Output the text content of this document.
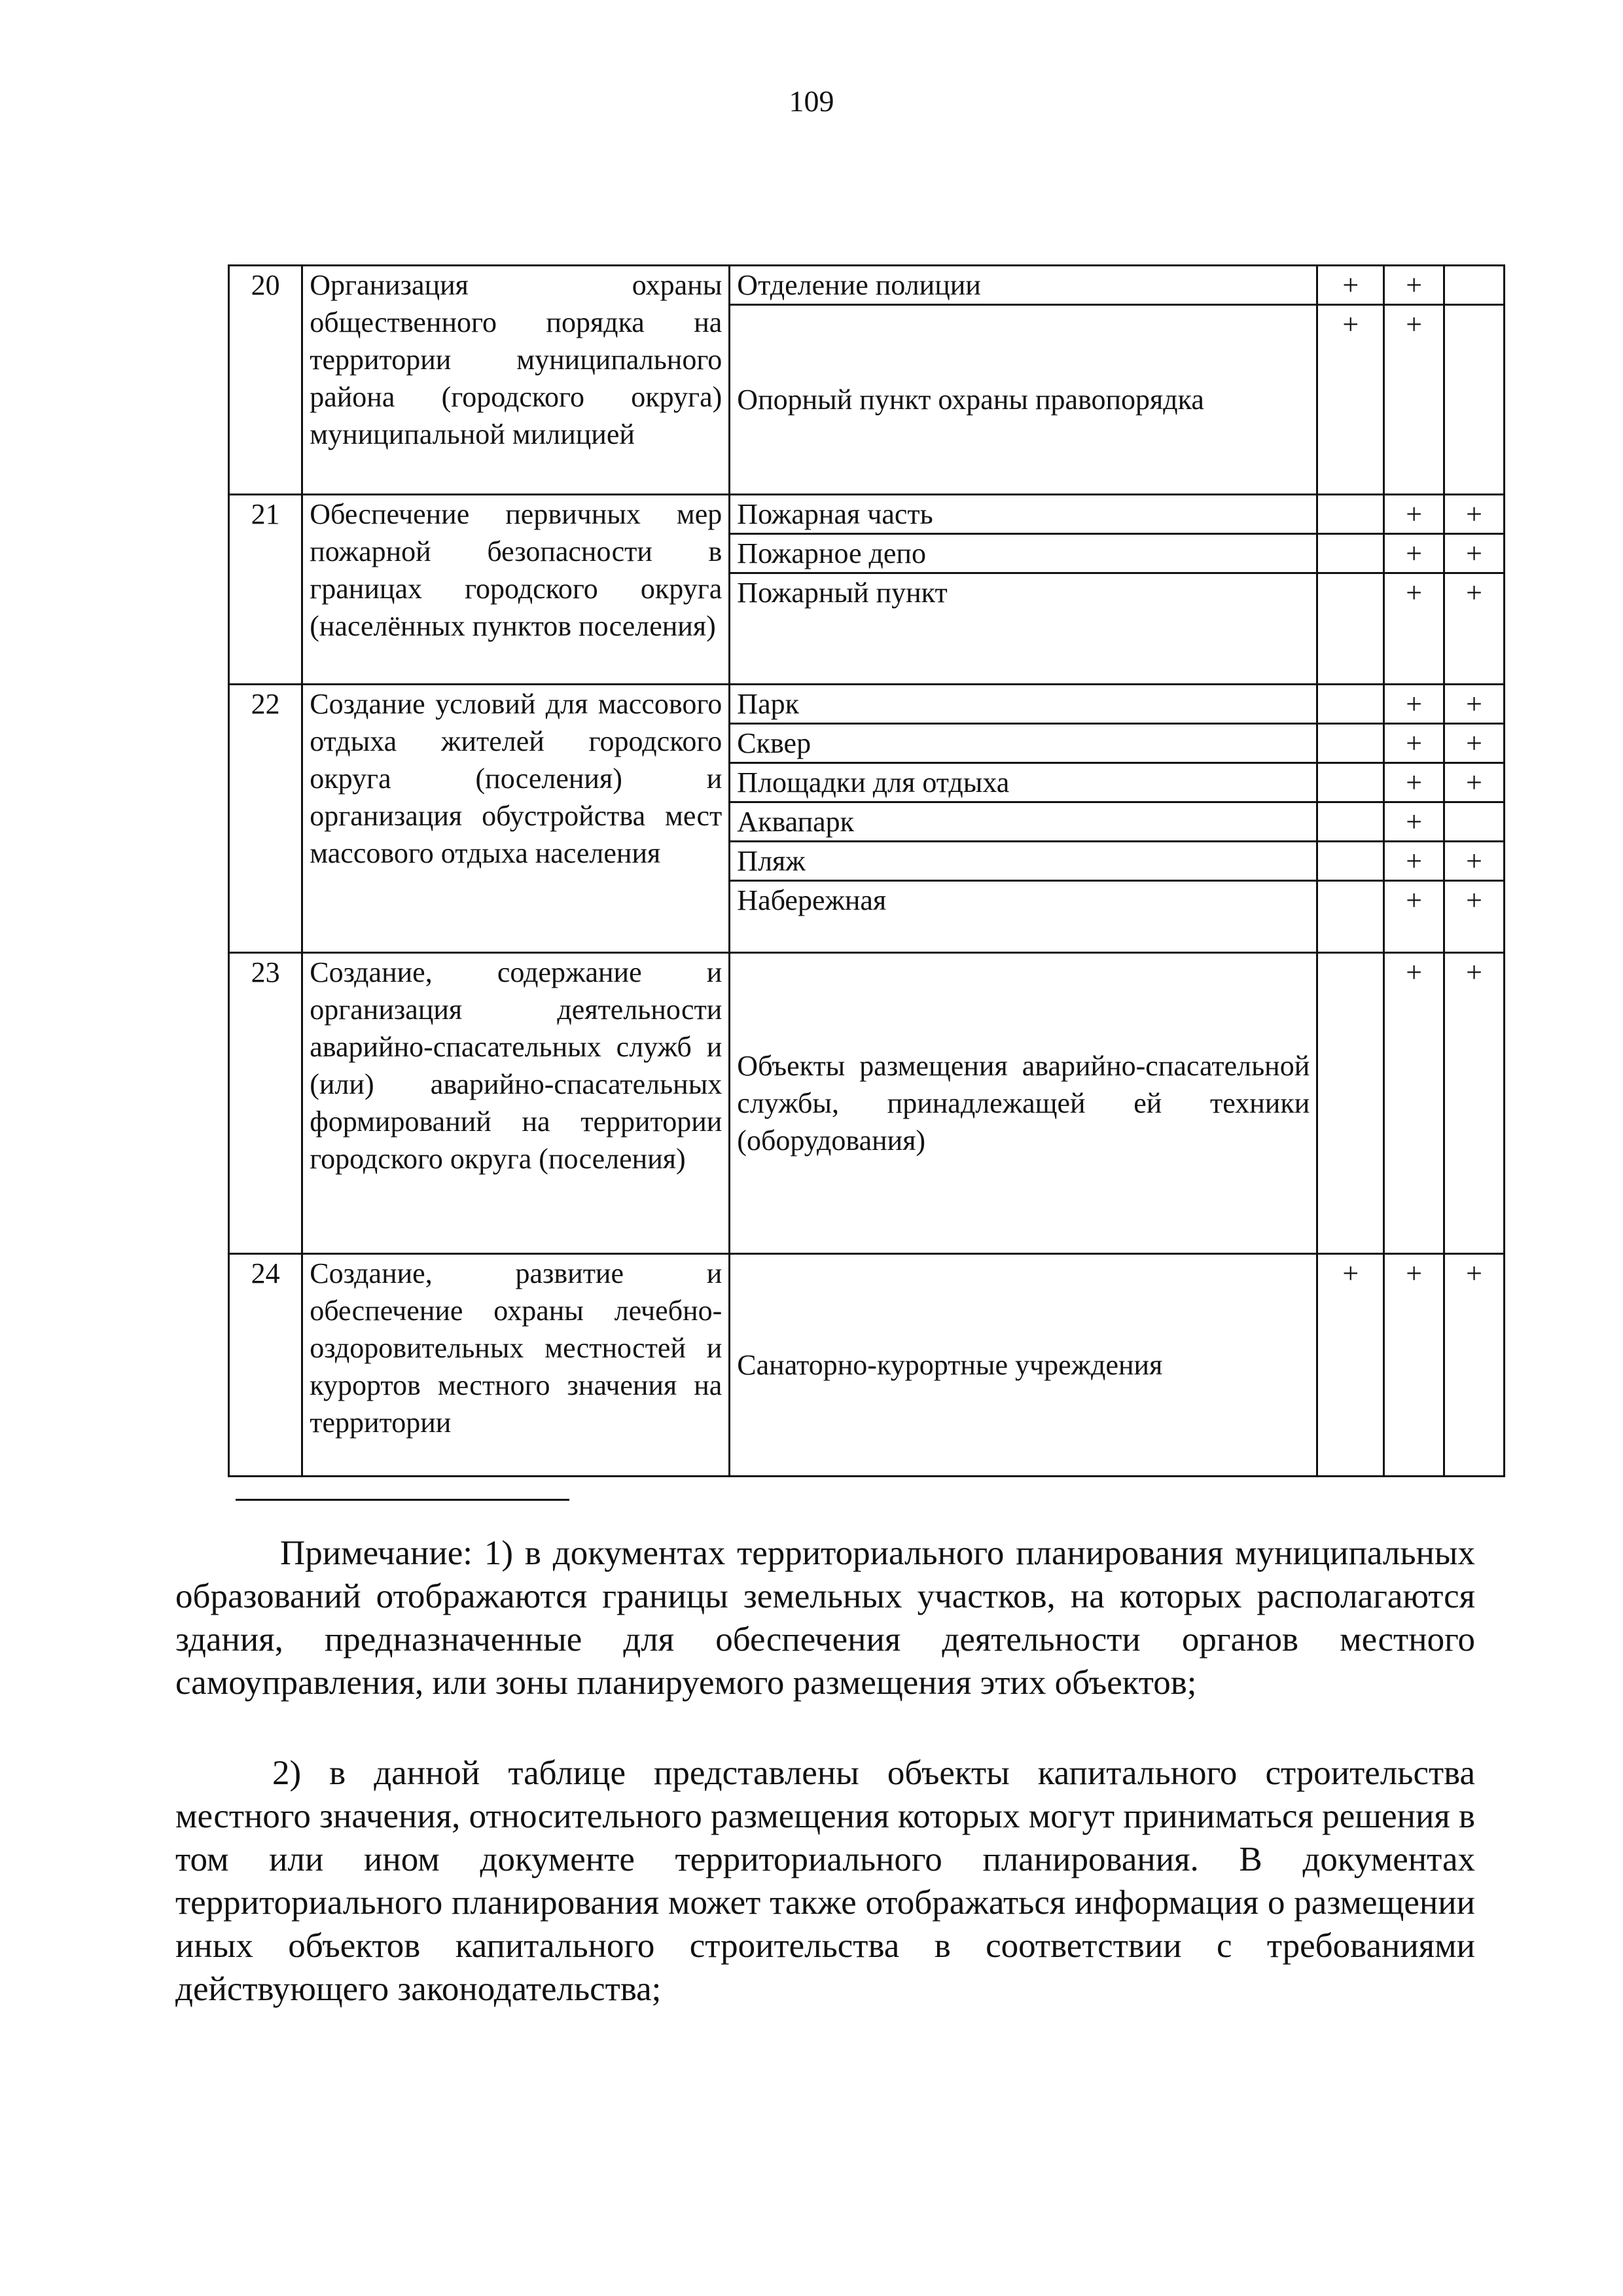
109
20	Организация охраны общественного порядка на территории муниципального района (городского округа) муниципальной милицией	Отделение полиции	+	+	
		Опорный пункт охраны правопорядка	+	+	
21	Обеспечение первичных мер пожарной безопасности в границах городского округа (населённых пунктов поселения)	Пожарная часть		+	+
		Пожарное депо		+	+
		Пожарный пункт		+	+
22	Создание условий для массового отдыха жителей городского округа (поселения) и организация обустройства мест массового отдыха населения	Парк		+	+
		Сквер		+	+
		Площадки для отдыха		+	+
		Аквапарк		+	
		Пляж		+	+
		Набережная		+	+
23	Создание, содержание и организация деятельности аварийно-спасательных служб и (или) аварийно-спасательных формирований на территории городского округа (поселения)	Объекты размещения аварийно-спасательной службы, принадлежащей ей техники (оборудования)		+	+
24	Создание, развитие и обеспечение охраны лечебно-оздоровительных местностей и курортов местного значения на территории	Санаторно-курортные учреждения	+	+	+

Примечание: 1) в документах территориального планирования муниципальных образований отображаются границы земельных участков, на которых располагаются здания, предназначенные для обеспечения деятельности органов местного самоуправления, или зоны планируемого размещения этих объектов;

2) в данной таблице представлены объекты капитального строительства местного значения, относительного размещения которых могут приниматься решения в том или ином документе территориального планирования. В документах территориального планирования может также отображаться информация о размещении иных объектов капитального строительства в соответствии с требованиями действующего законодательства;
